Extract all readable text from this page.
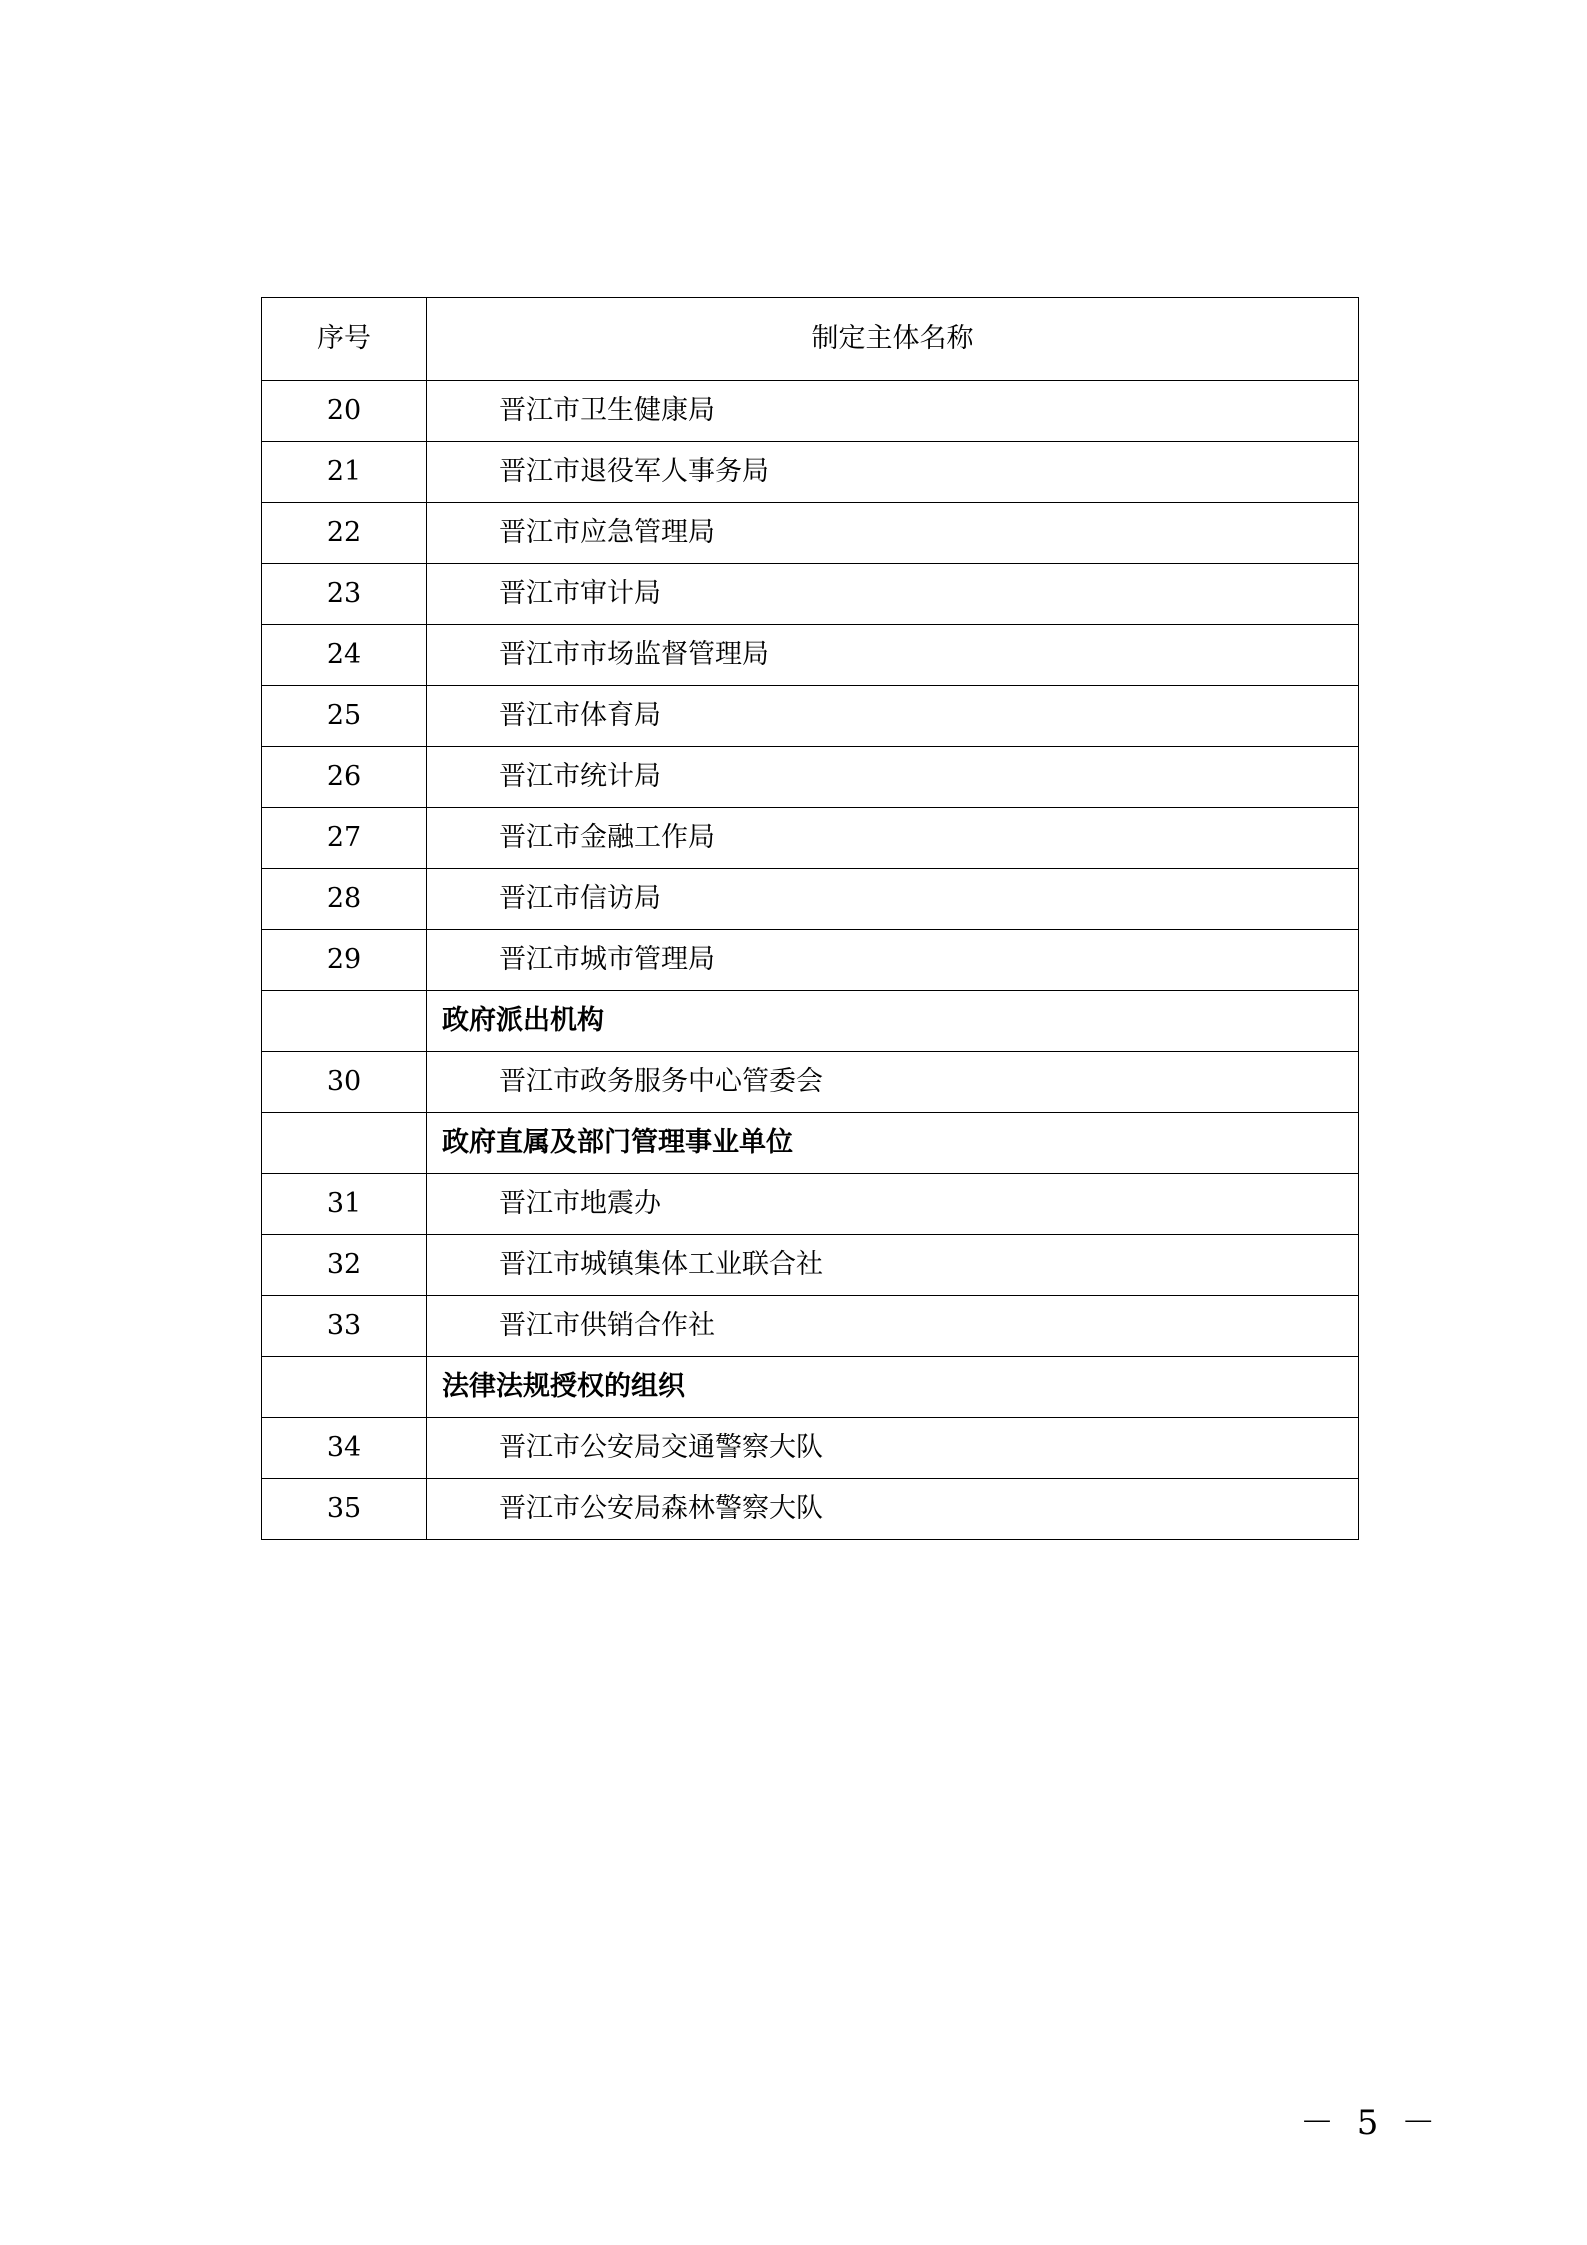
序号	制定主体名称
20	晋江市卫生健康局
21	晋江市退役军人事务局
22	晋江市应急管理局
23	晋江市审计局
24	晋江市市场监督管理局
25	晋江市体育局
26	晋江市统计局
27	晋江市金融工作局
28	晋江市信访局
29	晋江市城市管理局
	政府派出机构
30	晋江市政务服务中心管委会
	政府直属及部门管理事业单位
31	晋江市地震办
32	晋江市城镇集体工业联合社
33	晋江市供销合作社
	法律法规授权的组织
34	晋江市公安局交通警察大队
35	晋江市公安局森林警察大队
－ 5 －
